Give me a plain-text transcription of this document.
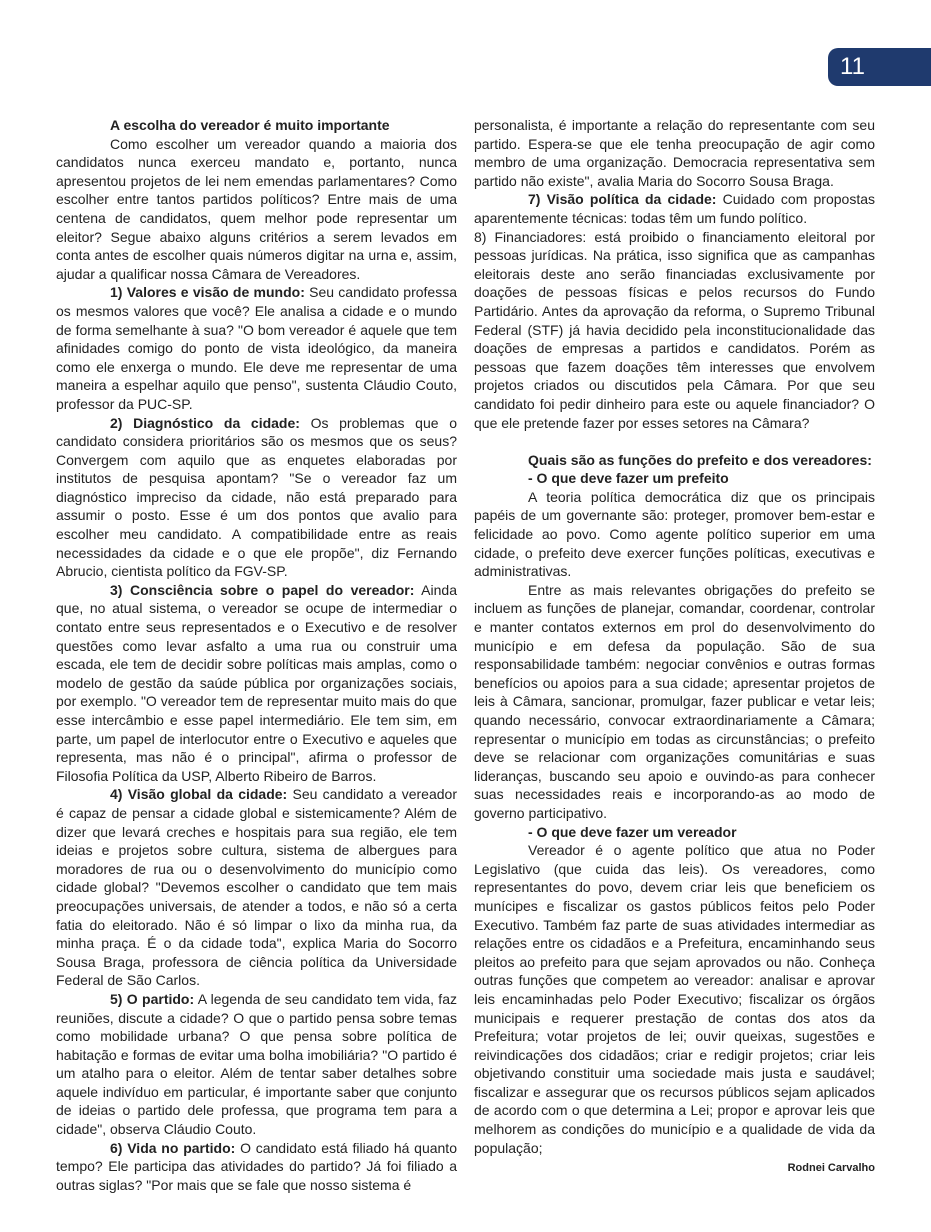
11

A escolha do vereador é muito importante

Como escolher um vereador quando a maioria dos candidatos nunca exerceu mandato e, portanto, nunca apresentou projetos de lei nem emendas parlamentares? Como escolher entre tantos partidos políticos? Entre mais de uma centena de candidatos, quem melhor pode representar um eleitor? Segue abaixo alguns critérios a serem levados em conta antes de escolher quais números digitar na urna e, assim, ajudar a qualificar nossa Câmara de Vereadores.

1) Valores e visão de mundo: Seu candidato professa os mesmos valores que você? Ele analisa a cidade e o mundo de forma semelhante à sua? "O bom vereador é aquele que tem afinidades comigo do ponto de vista ideológico, da maneira como ele enxerga o mundo. Ele deve me representar de uma maneira a espelhar aquilo que penso", sustenta Cláudio Couto, professor da PUC-SP.

2) Diagnóstico da cidade: Os problemas que o candidato considera prioritários são os mesmos que os seus? Convergem com aquilo que as enquetes elaboradas por institutos de pesquisa apontam? "Se o vereador faz um diagnóstico impreciso da cidade, não está preparado para assumir o posto. Esse é um dos pontos que avalio para escolher meu candidato. A compatibilidade entre as reais necessidades da cidade e o que ele propõe", diz Fernando Abrucio, cientista político da FGV-SP.

3) Consciência sobre o papel do vereador: Ainda que, no atual sistema, o vereador se ocupe de intermediar o contato entre seus representados e o Executivo e de resolver questões como levar asfalto a uma rua ou construir uma escada, ele tem de decidir sobre políticas mais amplas, como o modelo de gestão da saúde pública por organizações sociais, por exemplo. "O vereador tem de representar muito mais do que esse intercâmbio e esse papel intermediário. Ele tem sim, em parte, um papel de interlocutor entre o Executivo e aqueles que representa, mas não é o principal", afirma o professor de Filosofia Política da USP, Alberto Ribeiro de Barros.

4) Visão global da cidade: Seu candidato a vereador é capaz de pensar a cidade global e sistemicamente? Além de dizer que levará creches e hospitais para sua região, ele tem ideias e projetos sobre cultura, sistema de albergues para moradores de rua ou o desenvolvimento do município como cidade global? "Devemos escolher o candidato que tem mais preocupações universais, de atender a todos, e não só a certa fatia do eleitorado. Não é só limpar o lixo da minha rua, da minha praça. É o da cidade toda", explica Maria do Socorro Sousa Braga, professora de ciência política da Universidade Federal de São Carlos.

5) O partido: A legenda de seu candidato tem vida, faz reuniões, discute a cidade? O que o partido pensa sobre temas como mobilidade urbana? O que pensa sobre política de habitação e formas de evitar uma bolha imobiliária? "O partido é um atalho para o eleitor. Além de tentar saber detalhes sobre aquele indivíduo em particular, é importante saber que conjunto de ideias o partido dele professa, que programa tem para a cidade", observa Cláudio Couto.

6) Vida no partido: O candidato está filiado há quanto tempo? Ele participa das atividades do partido? Já foi filiado a outras siglas? "Por mais que se fale que nosso sistema é

personalista, é importante a relação do representante com seu partido. Espera-se que ele tenha preocupação de agir como membro de uma organização. Democracia representativa sem partido não existe", avalia Maria do Socorro Sousa Braga.

7) Visão política da cidade: Cuidado com propostas aparentemente técnicas: todas têm um fundo político.

8) Financiadores: está proibido o financiamento eleitoral por pessoas jurídicas. Na prática, isso significa que as campanhas eleitorais deste ano serão financiadas exclusivamente por doações de pessoas físicas e pelos recursos do Fundo Partidário. Antes da aprovação da reforma, o Supremo Tribunal Federal (STF) já havia decidido pela inconstitucionalidade das doações de empresas a partidos e candidatos. Porém as pessoas que fazem doações têm interesses que envolvem projetos criados ou discutidos pela Câmara. Por que seu candidato foi pedir dinheiro para este ou aquele financiador? O que ele pretende fazer por esses setores na Câmara?

Quais são as funções do prefeito e dos vereadores:

- O que deve fazer um prefeito

A teoria política democrática diz que os principais papéis de um governante são: proteger, promover bem-estar e felicidade ao povo. Como agente político superior em uma cidade, o prefeito deve exercer funções políticas, executivas e administrativas.

Entre as mais relevantes obrigações do prefeito se incluem as funções de planejar, comandar, coordenar, controlar e manter contatos externos em prol do desenvolvimento do município e em defesa da população. São de sua responsabilidade também: negociar convênios e outras formas benefícios ou apoios para a sua cidade; apresentar projetos de leis à Câmara, sancionar, promulgar, fazer publicar e vetar leis; quando necessário, convocar extraordinariamente a Câmara; representar o município em todas as circunstâncias; o prefeito deve se relacionar com organizações comunitárias e suas lideranças, buscando seu apoio e ouvindo-as para conhecer suas necessidades reais e incorporando-as ao modo de governo participativo.

- O que deve fazer um vereador

Vereador é o agente político que atua no Poder Legislativo (que cuida das leis). Os vereadores, como representantes do povo, devem criar leis que beneficiem os munícipes e fiscalizar os gastos públicos feitos pelo Poder Executivo. Também faz parte de suas atividades intermediar as relações entre os cidadãos e a Prefeitura, encaminhando seus pleitos ao prefeito para que sejam aprovados ou não. Conheça outras funções que competem ao vereador: analisar e aprovar leis encaminhadas pelo Poder Executivo; fiscalizar os órgãos municipais e requerer prestação de contas dos atos da Prefeitura; votar projetos de lei; ouvir queixas, sugestões e reivindicações dos cidadãos; criar e redigir projetos; criar leis objetivando constituir uma sociedade mais justa e saudável; fiscalizar e assegurar que os recursos públicos sejam aplicados de acordo com o que determina a Lei; propor e aprovar leis que melhorem as condições do município e a qualidade de vida da população;

Rodnei Carvalho
